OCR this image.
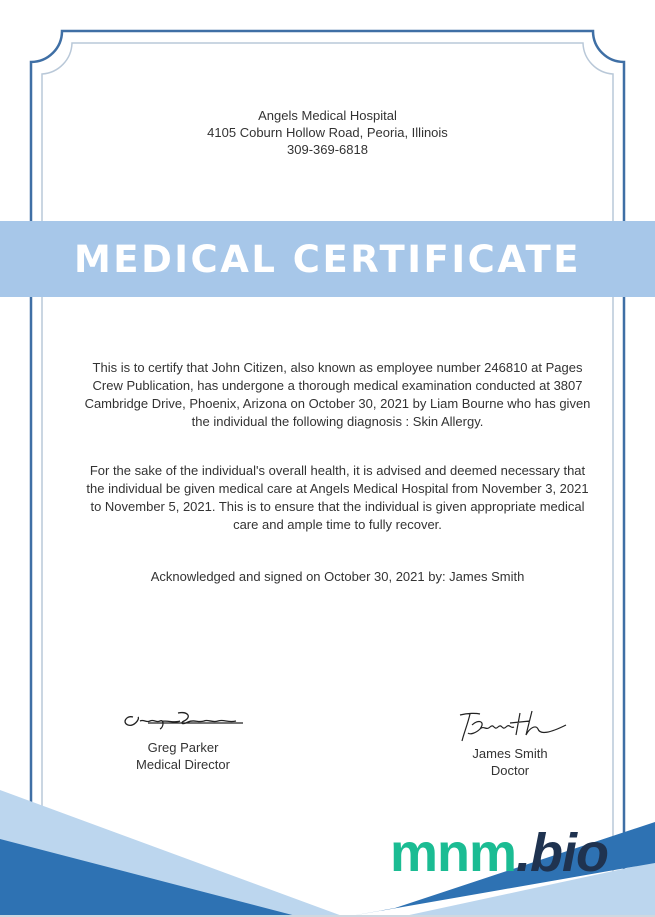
Angels Medical Hospital
4105 Coburn Hollow Road, Peoria, Illinois
309-369-6818
MEDICAL CERTIFICATE

This is to certify that John Citizen, also known as employee number 246810 at Pages Crew Publication, has undergone a thorough medical examination conducted at 3807 Cambridge Drive, Phoenix, Arizona on October 30, 2021 by Liam Bourne who has given the individual the following diagnosis : Skin Allergy.

For the sake of the individual's overall health, it is advised and deemed necessary that the individual be given medical care at Angels Medical Hospital from November 3, 2021 to November 5, 2021. This is to ensure that the individual is given appropriate medical care and ample time to fully recover.

Acknowledged and signed on October 30, 2021 by: James Smith

Greg Parker
Medical Director
James Smith
Doctor
mnm.bio
